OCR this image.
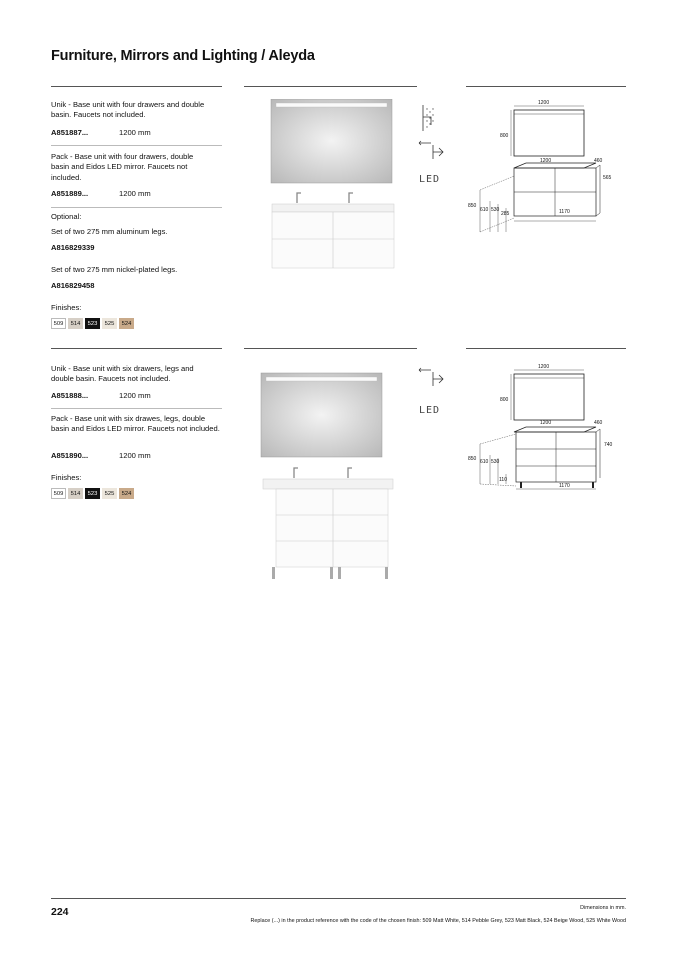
Furniture, Mirrors and Lighting / Aleyda
Unik - Base unit with four drawers and double basin. Faucets not included.
A851887...	1200 mm
Pack - Base unit with four drawers, double basin and Eidos LED mirror. Faucets not included.
A851889...	1200 mm
Optional:
Set of two 275 mm aluminum legs.
A816829339
Set of two 275 mm nickel-plated legs.
A816829458
Finishes:
509	514	523	525	524
LED
1200
800
1200	460
565
850
610 530
285	1170
Unik - Base unit with six drawers, legs and double basin. Faucets not included.
A851888...	1200 mm
Pack - Base unit with six drawes, legs, double basin and Eidos LED mirror. Faucets not included.
A851890...	1200 mm
Finishes:
509	514	523	525	524
LED
1200
800
1200	460
740
850 610 530
110
1170
224	Dimensions in mm.
Replace (...) in the product reference with the code of the chosen finish: 509 Matt White, 514 Pebble Grey, 523 Matt Black, 524 Beige Wood, 525 White Wood
